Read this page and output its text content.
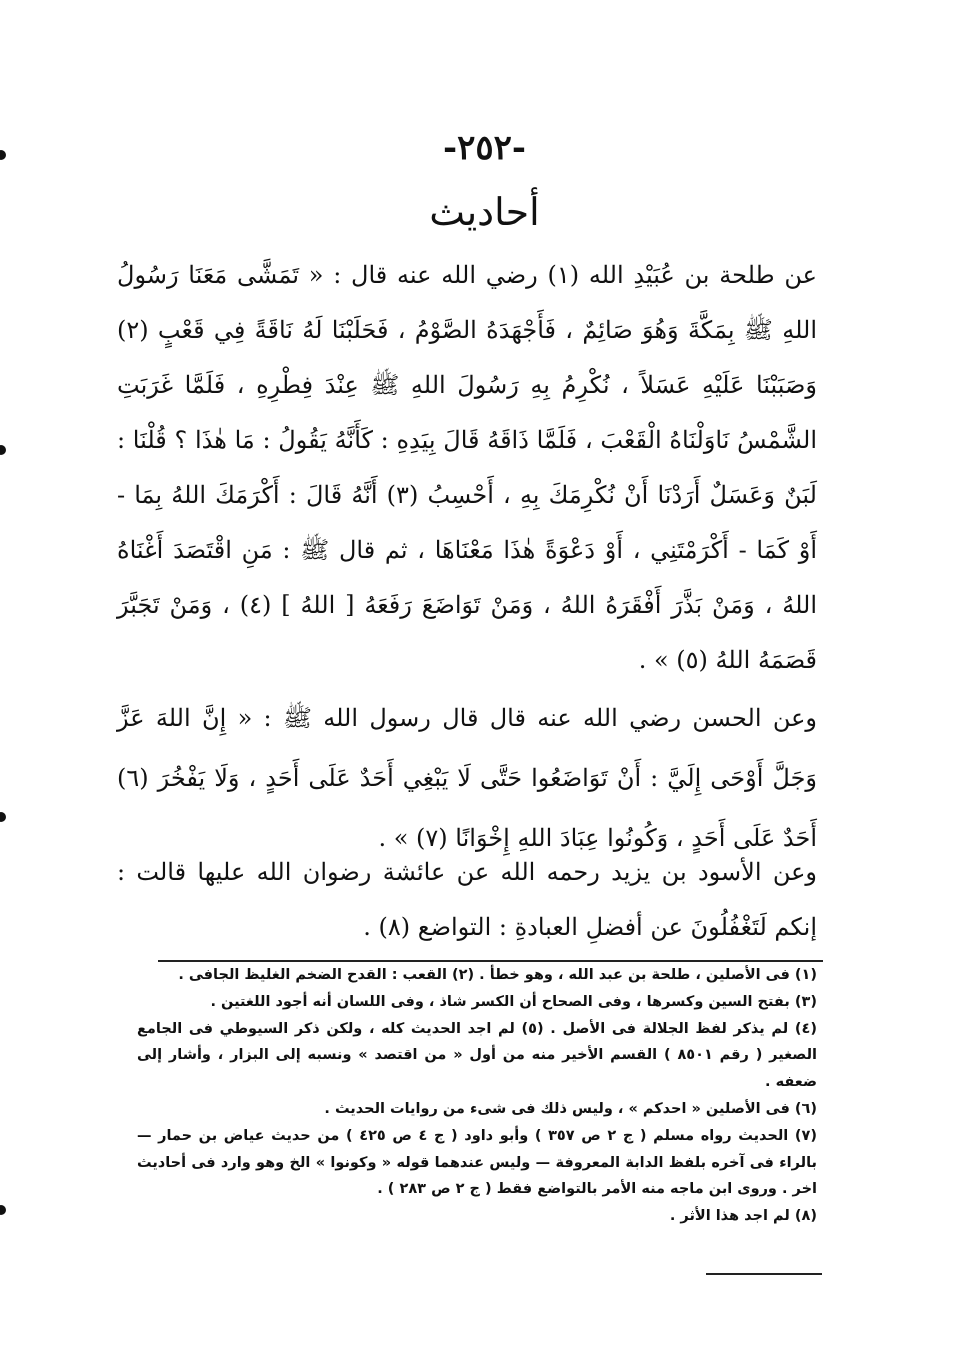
-٢٥٢-
أحاديث
عن طلحة بن عُبَيْدِ الله (١) رضي الله عنه قال : « تَمَشَّى مَعَنَا رَسُولُ اللهِ ﷺ بِمَكَّةَ وَهُوَ صَائِمٌ ، فَأَجْهَدَهُ الصَّوْمُ ، فَحَلَبْنَا لَهُ نَاقَةً فِي قَعْبٍ (٢) وَصَبَبْنَا عَلَيْهِ عَسَلاً ، نُكْرِمُ بِهِ رَسُولَ اللهِ ﷺ عِنْدَ فِطْرِهِ ، فَلَمَّا غَرَبَتِ الشَّمْسُ نَاوَلْنَاهُ الْقَعْبَ ، فَلَمَّا ذَاقَهُ قَالَ بِيَدِهِ : كَأَنَّهُ يَقُولُ : مَا هٰذَا ؟ قُلْنَا : لَبَنٌ وَعَسَلٌ أَرَدْنَا أَنْ نُكْرِمَكَ بِهِ ، أَحْسِبُ (٣) أَنَّهُ قَالَ : أَكْرَمَكَ اللهُ بِمَا - أَوْ كَمَا - أَكْرَمْتَنِي ، أَوْ دَعْوَةً هٰذَا مَعْنَاهَا ، ثم قال ﷺ : مَنِ اقْتَصَدَ أَغْنَاهُ اللهُ ، وَمَنْ بَذَّرَ أَفْقَرَهُ اللهُ ، وَمَنْ تَوَاضَعَ رَفَعَهُ [ اللهُ ] (٤) ، وَمَنْ تَجَبَّرَ قَصَمَهُ اللهُ (٥) » .
وعن الحسن رضي الله عنه قال قال رسول الله ﷺ : « إِنَّ اللهَ عَزَّ وَجَلَّ أَوْحَى إِلَيَّ : أَنْ تَوَاضَعُوا حَتَّى لَا يَبْغِي أَحَدٌ عَلَى أَحَدٍ ، وَلَا يَفْخُرَ (٦) أَحَدٌ عَلَى أَحَدٍ ، وَكُونُوا عِبَادَ اللهِ إِخْوَانًا (٧) » .
وعن الأسود بن يزيد رحمه الله عن عائشة رضوان الله عليها قالت : إنكم لَتَغْفُلُونَ عن أفضلِ العبادةِ : التواضع (٨) .
(١) فى الأصلين ، طلحة بن عبد الله ، وهو خطأ . (٢) القعب : القدح الضخم الغليظ الجافى .
(٣) بفتح السين وكسرها ، وفى الصحاح أن الكسر شاذ ، وفى اللسان أنه أجود اللغتين .
(٤) لم يذكر لفظ الجلالة فى الأصل . (٥) لم اجد الحديث كله ، ولكن ذكر السيوطي فى الجامع الصغير ( رقم ٨٥٠١ ) القسم الأخير منه من أول « من اقتصد » ونسبه إلى البزار ، وأشار إلى ضعفه .
(٦) فى الأصلين « احدكم » ، وليس ذلك فى شىء من روايات الحديث .
(٧) الحديث رواه مسلم ( ج ٢ ص ٣٥٧ ) وأبو داود ( ج ٤ ص ٤٢٥ ) من حديث عياض بن حمار — بالراء فى آخره بلفظ الدابة المعروفة — وليس عندهما قوله « وكونوا » الخ وهو وارد فى أحاديث اخر . وروى ابن ماجه منه الأمر بالتواضع فقط ( ج ٢ ص ٢٨٣ ) .
(٨) لم اجد هذا الأثر .
